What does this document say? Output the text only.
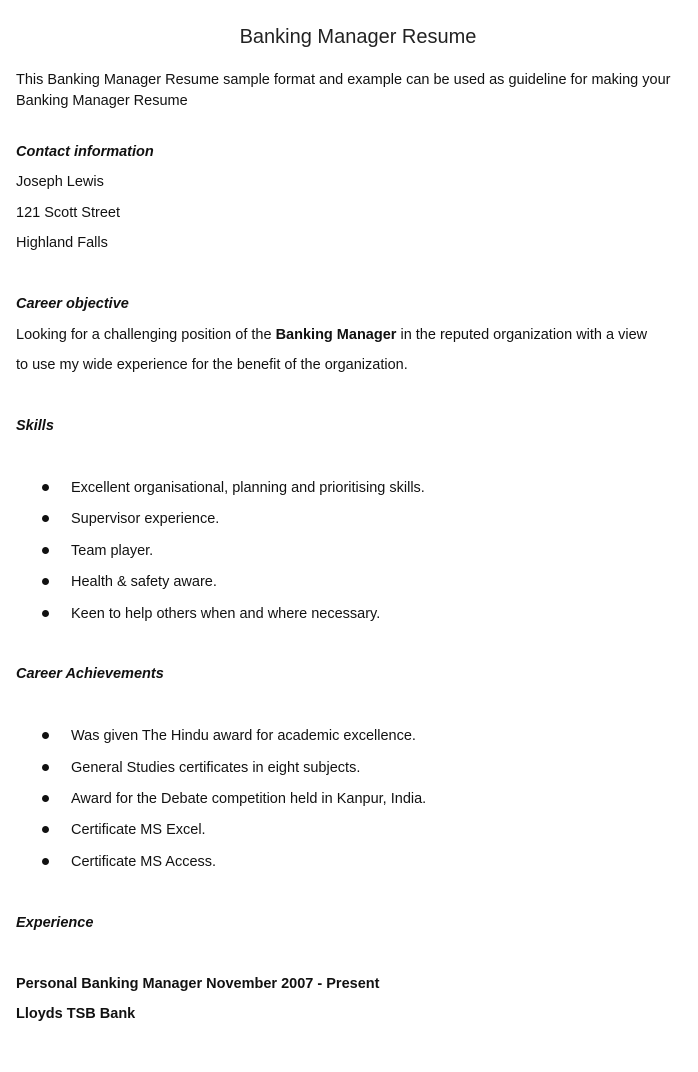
Banking Manager Resume
This Banking Manager Resume sample format and example can be used as guideline for making your
Banking Manager Resume
Contact information
Joseph Lewis
121 Scott Street
Highland Falls
Career objective
Looking for a challenging position of the Banking Manager in the reputed organization with a view
to use my wide experience for the benefit of the organization.
Skills
Excellent organisational, planning and prioritising skills.
Supervisor experience.
Team player.
Health & safety aware.
Keen to help others when and where necessary.
Career Achievements
Was given The Hindu award for academic excellence.
General Studies certificates in eight subjects.
Award for the Debate competition held in Kanpur, India.
Certificate MS Excel.
Certificate MS Access.
Experience
Personal Banking Manager November 2007 - Present
Lloyds TSB Bank
